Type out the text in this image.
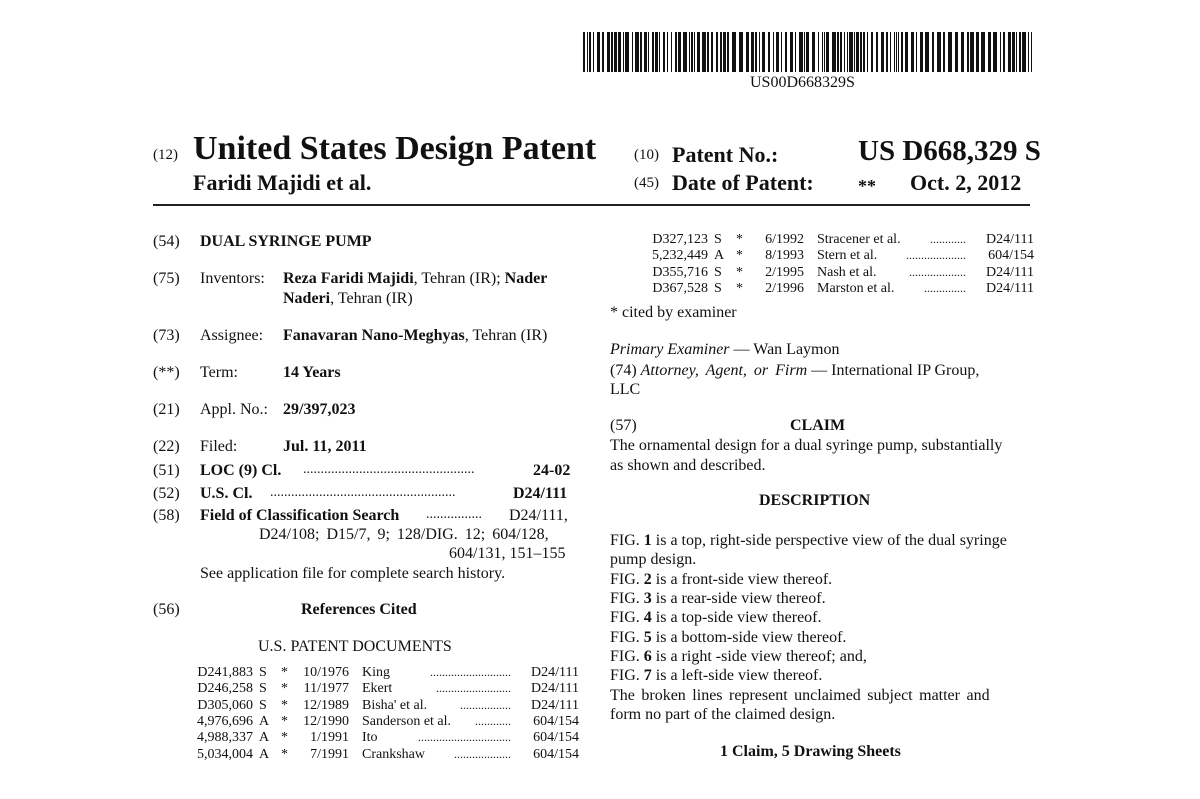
US00D668329S
(12) United States Design Patent
Faridi Majidi et al.
(10) Patent No.:	US D668,329 S
(45) Date of Patent: ** Oct. 2, 2012
(54) DUAL SYRINGE PUMP
(75) Inventors: Reza Faridi Majidi, Tehran (IR); Nader
Naderi, Tehran (IR)
(73) Assignee: Fanavaran Nano-Meghyas, Tehran (IR)
(**) Term:	14 Years
(21) Appl. No.: 29/397,023
(22) Filed:	Jul. 11, 2011
(51) LOC (9) Cl. .................................................	24-02
(52) U.S. Cl. .....................................................	D24/111
(58) Field of Classification Search ................ D24/111,
D24/108; D15/7, 9; 128/DIG. 12; 604/128,
604/131, 151–155
See application file for complete search history.
(56)	References Cited
U.S. PATENT DOCUMENTS
D241,883 S *	10/1976 King	...........................	D24/111
D246,258 S *	11/1977 Ekert	.........................	D24/111
D305,060 S *	12/1989 Bisha' et al.	.................	D24/111
4,976,696 A *	12/1990 Sanderson et al. ............	604/154
4,988,337 A *	1/1991 Ito	...............................	604/154
5,034,004 A *	7/1991 Crankshaw ...................	604/154
D327,123 S *	6/1992 Stracener et al. ............	D24/111
5,232,449 A *	8/1993 Stern et al. ....................	604/154
D355,716 S *	2/1995 Nash et al.	...................	D24/111
D367,528 S *	2/1996 Marston et al. ..............	D24/111
* cited by examiner
Primary Examiner — Wan Laymon
(74) Attorney, Agent, or Firm — International IP Group,
LLC
(57)	CLAIM
The ornamental design for a dual syringe pump, substantially
as shown and described.
DESCRIPTION
FIG. 1 is a top, right-side perspective view of the dual syringe
pump design.
FIG. 2 is a front-side view thereof.
FIG. 3 is a rear-side view thereof.
FIG. 4 is a top-side view thereof.
FIG. 5 is a bottom-side view thereof.
FIG. 6 is a right -side view thereof; and,
FIG. 7 is a left-side view thereof.
The broken lines represent unclaimed subject matter and
form no part of the claimed design.
1 Claim, 5 Drawing Sheets
